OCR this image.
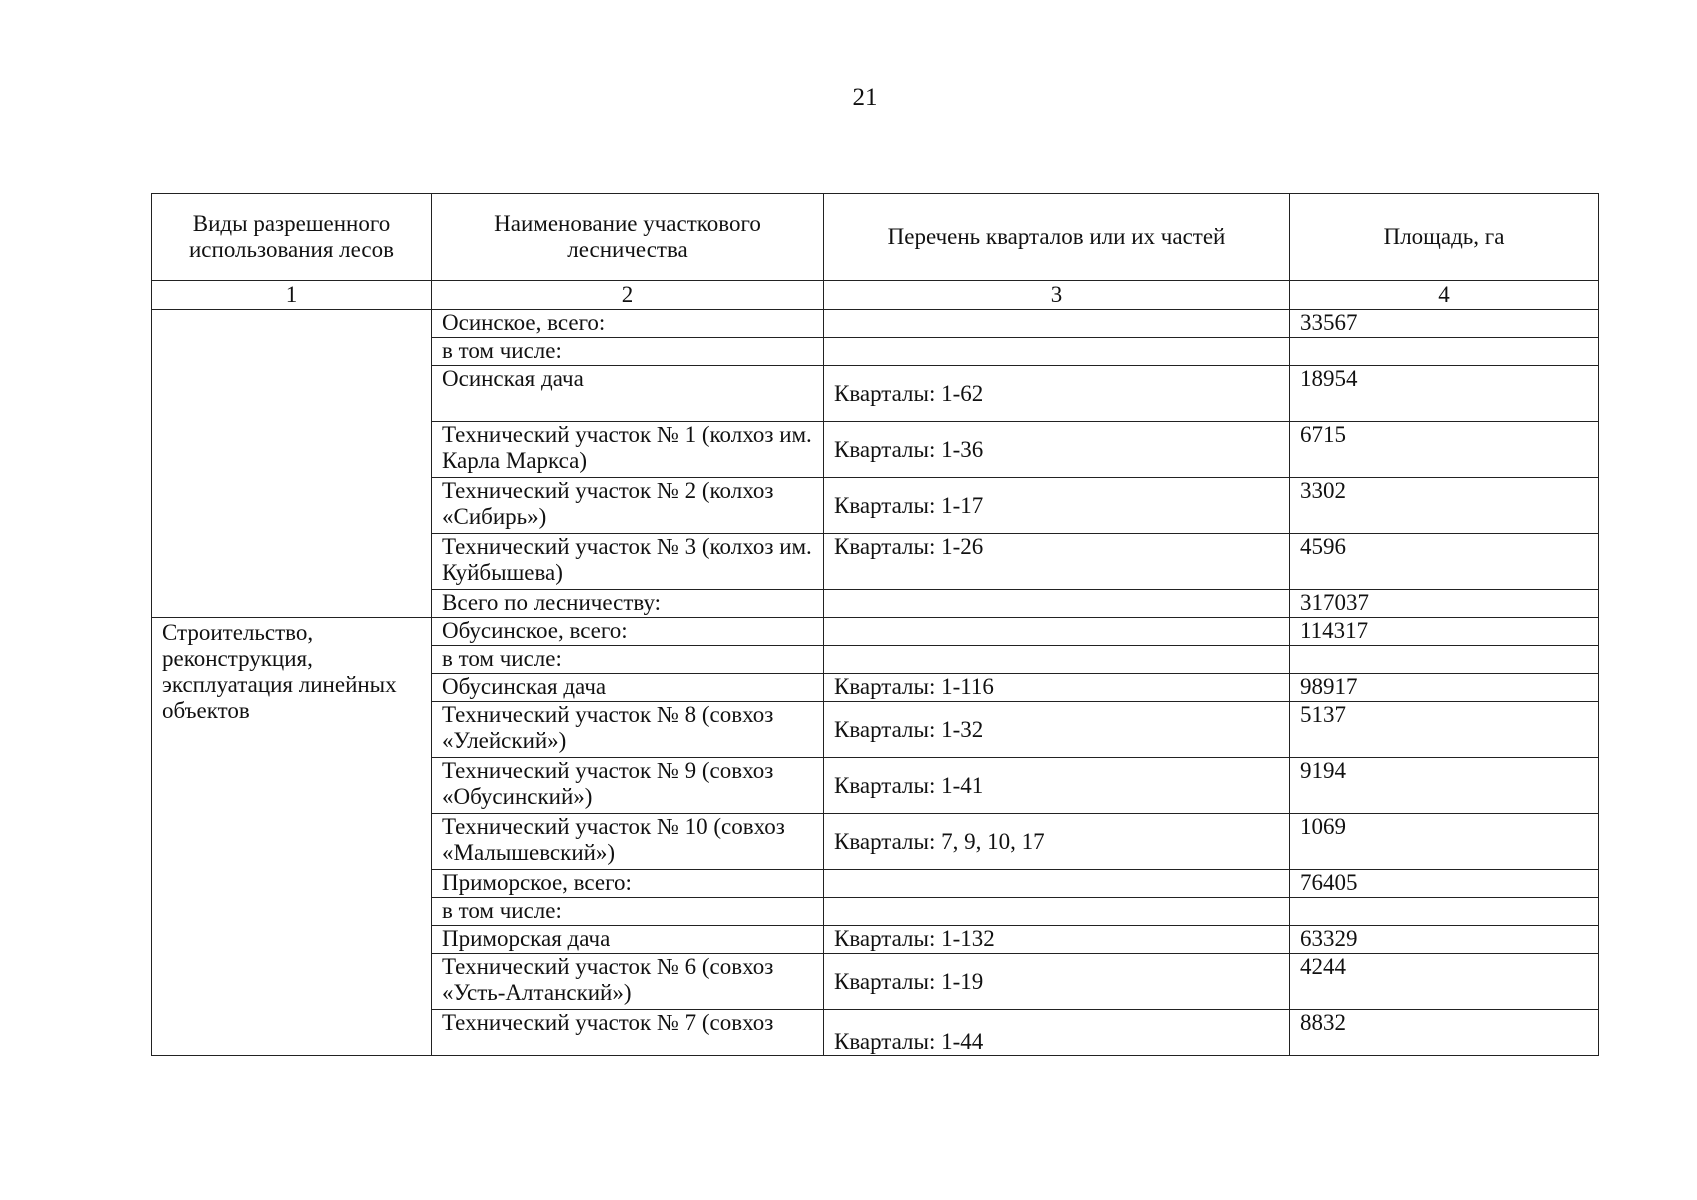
21
Виды разрешенного использования лесов	Наименование участкового лесничества	Перечень кварталов или их частей	Площадь, га
1	2	3	4
	Осинское, всего:		33567
	в том числе:		
	Осинская дача	Кварталы: 1-62	18954
	Технический участок № 1 (колхоз им. Карла Маркса)	Кварталы: 1-36	6715
	Технический участок № 2 (колхоз «Сибирь»)	Кварталы: 1-17	3302
	Технический участок № 3 (колхоз им. Куйбышева)	Кварталы: 1-26	4596
	Всего по лесничеству:		317037
Строительство, реконструкция, эксплуатация линейных объектов	Обусинское, всего:		114317
	в том числе:		
	Обусинская дача	Кварталы: 1-116	98917
	Технический участок № 8 (совхоз «Улейский»)	Кварталы: 1-32	5137
	Технический участок № 9 (совхоз «Обусинский»)	Кварталы: 1-41	9194
	Технический участок № 10 (совхоз «Малышевский»)	Кварталы: 7, 9, 10, 17	1069
	Приморское, всего:		76405
	в том числе:		
	Приморская дача	Кварталы: 1-132	63329
	Технический участок № 6 (совхоз «Усть-Алтанский»)	Кварталы: 1-19	4244
	Технический участок № 7 (совхоз	Кварталы: 1-44	8832
